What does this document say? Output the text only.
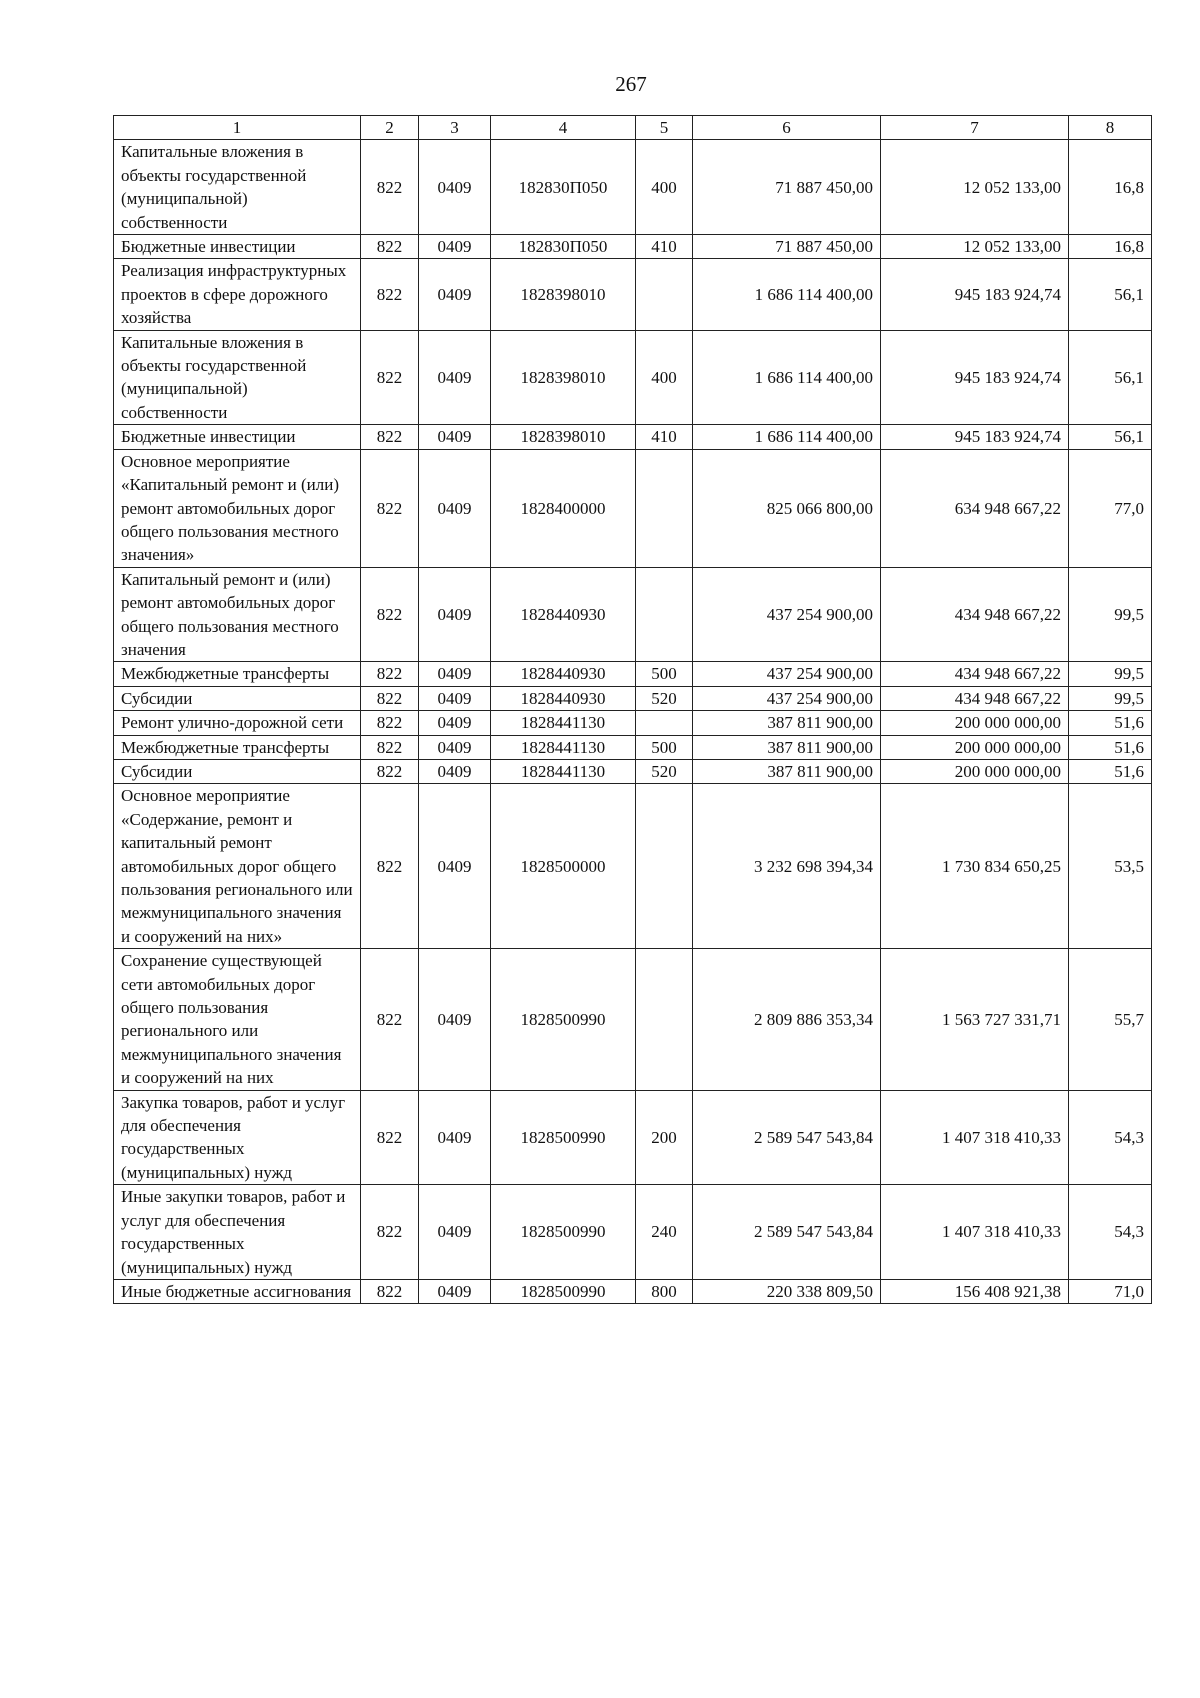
267
1	2	3	4	5	6	7	8
Капитальные вложения в объекты государственной (муниципальной) собственности	822	0409	182830П050	400	71 887 450,00	12 052 133,00	16,8
Бюджетные инвестиции	822	0409	182830П050	410	71 887 450,00	12 052 133,00	16,8
Реализация инфраструктурных проектов в сфере дорожного хозяйства	822	0409	1828398010		1 686 114 400,00	945 183 924,74	56,1
Капитальные вложения в объекты государственной (муниципальной) собственности	822	0409	1828398010	400	1 686 114 400,00	945 183 924,74	56,1
Бюджетные инвестиции	822	0409	1828398010	410	1 686 114 400,00	945 183 924,74	56,1
Основное мероприятие «Капитальный ремонт и (или) ремонт автомобильных дорог общего пользования местного значения»	822	0409	1828400000		825 066 800,00	634 948 667,22	77,0
Капитальный ремонт и (или) ремонт автомобильных дорог общего пользования местного значения	822	0409	1828440930		437 254 900,00	434 948 667,22	99,5
Межбюджетные трансферты	822	0409	1828440930	500	437 254 900,00	434 948 667,22	99,5
Субсидии	822	0409	1828440930	520	437 254 900,00	434 948 667,22	99,5
Ремонт улично-дорожной сети	822	0409	1828441130		387 811 900,00	200 000 000,00	51,6
Межбюджетные трансферты	822	0409	1828441130	500	387 811 900,00	200 000 000,00	51,6
Субсидии	822	0409	1828441130	520	387 811 900,00	200 000 000,00	51,6
Основное мероприятие «Содержание, ремонт и капитальный ремонт автомобильных дорог общего пользования регионального или межмуниципального значения и сооружений на них»	822	0409	1828500000		3 232 698 394,34	1 730 834 650,25	53,5
Сохранение существующей сети автомобильных дорог общего пользования регионального или межмуниципального значения и сооружений на них	822	0409	1828500990		2 809 886 353,34	1 563 727 331,71	55,7
Закупка товаров, работ и услуг для обеспечения государственных (муниципальных) нужд	822	0409	1828500990	200	2 589 547 543,84	1 407 318 410,33	54,3
Иные закупки товаров, работ и услуг для обеспечения государственных (муниципальных) нужд	822	0409	1828500990	240	2 589 547 543,84	1 407 318 410,33	54,3
Иные бюджетные ассигнования	822	0409	1828500990	800	220 338 809,50	156 408 921,38	71,0
